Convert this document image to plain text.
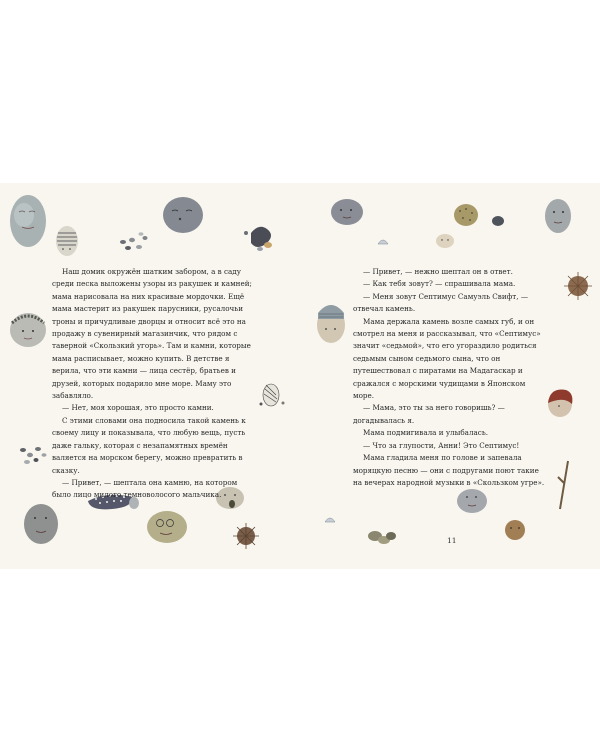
Наш домик окружён шатким забором, а в саду среди песка выложены узоры из ракушек и камней; мама нарисовала на них красивые мордочки. Ещё мама мастерит из ракушек парусники, русалочьи троны и причудливые дворцы и относит всё это на продажу в сувенирный магазинчик, что рядом с таверной «Скользкий угорь». Там и камни, которые мама расписывает, можно купить. В детстве я верила, что эти камни — лица сестёр, братьев и друзей, которых подарило мне море. Маму это забавляло.

— Нет, моя хорошая, это просто камни.

С этими словами она подносила такой камень к своему лицу и показывала, что любую вещь, пусть даже гальку, которая с незапамятных времён валяется на морском берегу, можно превратить в сказку.

— Привет, — шептала она камню, на котором было лицо милого темноволосого мальчика.

— Привет, — нежно шептал он в ответ.

— Как тебя зовут? — спрашивала мама.

— Меня зовут Септимус Самуэль Свифт, — отвечал камень.

Мама держала камень возле самых губ, и он смотрел на меня и рассказывал, что «Септимус» значит «седьмой», что его угораздило родиться седьмым сыном седьмого сына, что он путешествовал с пиратами на Мадагаскар и сражался с морскими чудищами в Японском море.

— Мама, это ты за него говоришь? — догадывалась я.

Мама подмигивала и улыбалась.

— Что за глупости, Анни! Это Септимус!

Мама гладила меня по голове и запевала моряцкую песню — они с подругами поют такие на вечерах народной музыки в «Скользком угре».

11
